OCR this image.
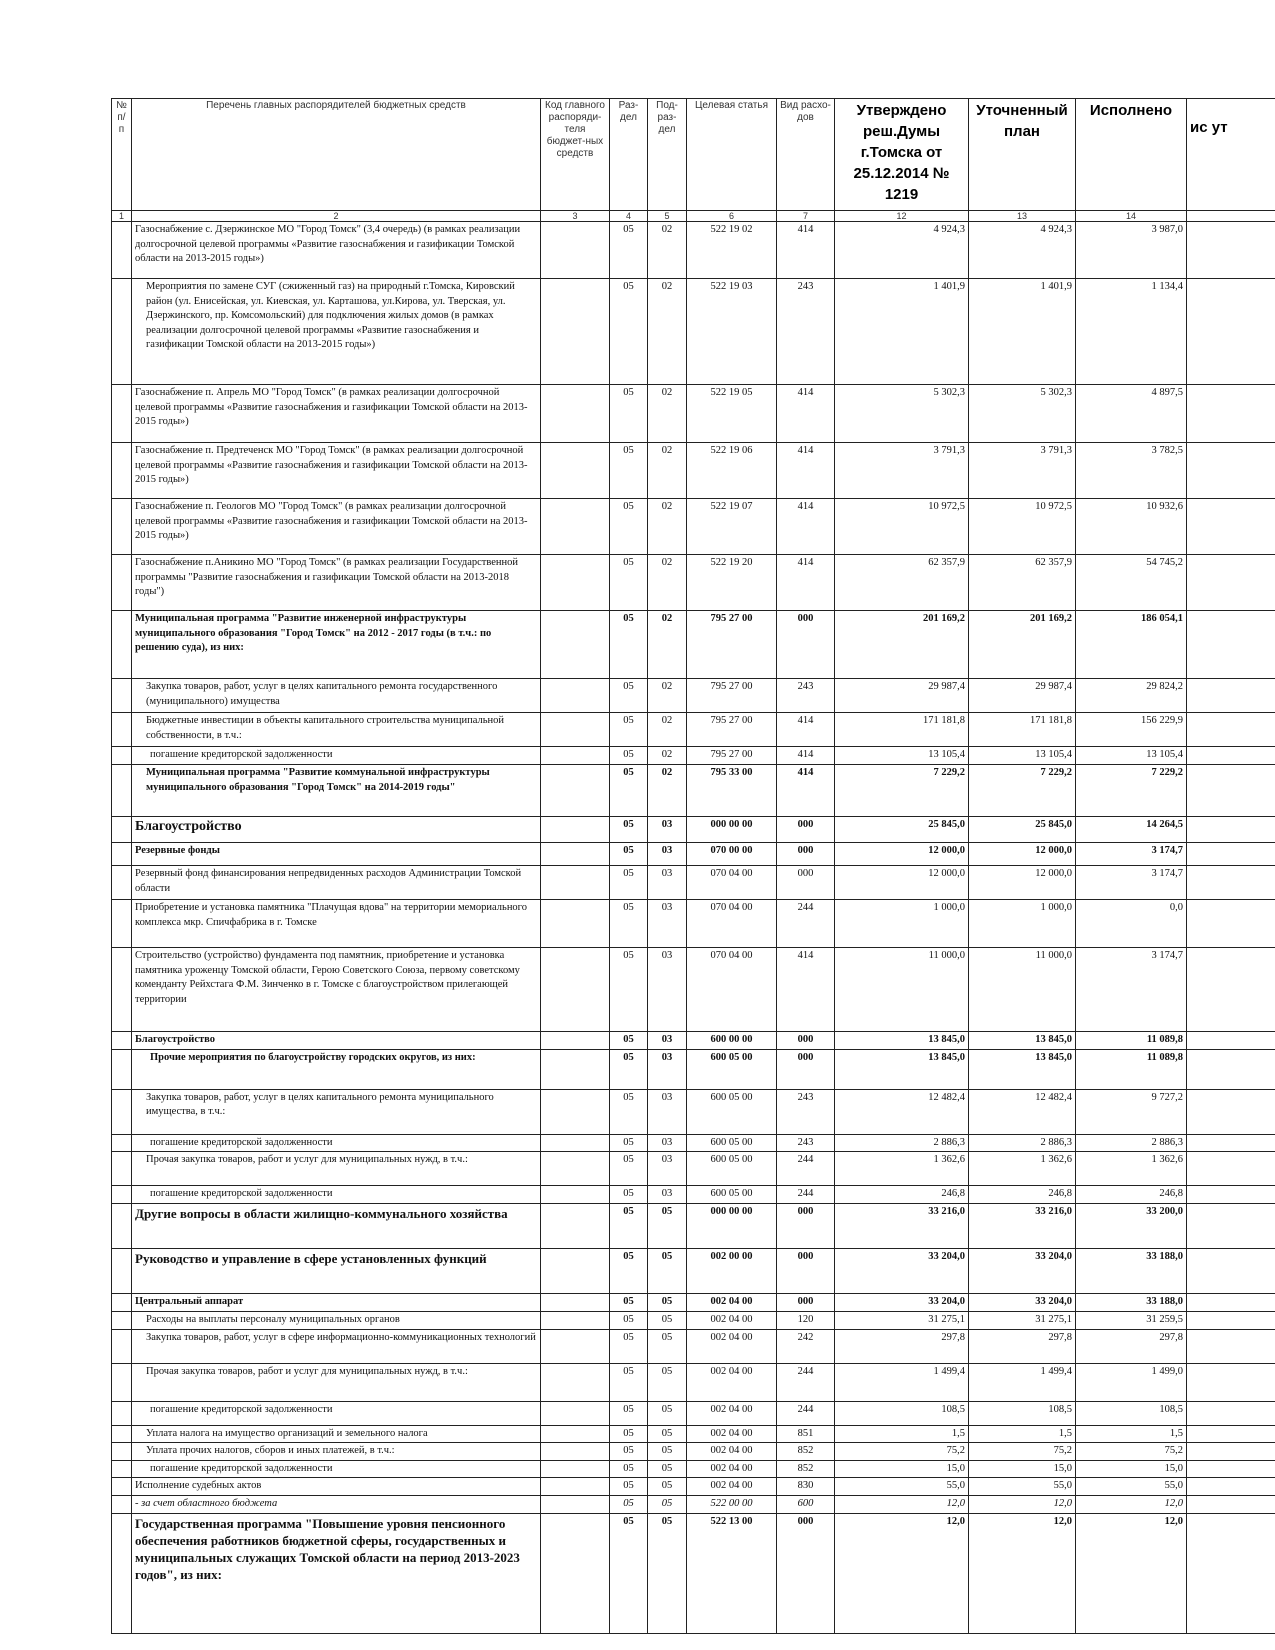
№ п/п	Перечень главных распорядителей бюджетных средств	Код главного распоряди-теля бюджет-ных средств	Раз-дел	Под-раз-дел	Целевая статья	Вид расхо-дов	Утверждено реш.Думы г.Томска от 25.12.2014 № 1219	Уточненный план	Исполнено	ис ут
1	2	3	4	5	6	7	12	13	14	
	Газоснабжение с. Дзержинское МО "Город Томск" (3,4 очередь) (в рамках реализации долгосрочной целевой программы «Развитие газоснабжения и газификации Томской области на 2013-2015 годы»)		05	02	522 19 02	414	4 924,3	4 924,3	3 987,0	
	Мероприятия по замене СУГ (сжиженный газ) на природный г.Томска, Кировский район (ул. Енисейская, ул. Киевская, ул. Карташова, ул.Кирова, ул. Тверская, ул. Дзержинского, пр. Комсомольский) для подключения жилых домов (в рамках реализации долгосрочной целевой программы «Развитие газоснабжения и газификации Томской области на 2013-2015 годы»)		05	02	522 19 03	243	1 401,9	1 401,9	1 134,4	
	Газоснабжение п. Апрель МО "Город Томск" (в рамках реализации долгосрочной целевой программы «Развитие газоснабжения и газификации Томской области на 2013-2015 годы»)		05	02	522 19 05	414	5 302,3	5 302,3	4 897,5	
	Газоснабжение п. Предтеченск МО "Город Томск" (в рамках реализации долгосрочной целевой программы «Развитие газоснабжения и газификации Томской области на 2013-2015 годы»)		05	02	522 19 06	414	3 791,3	3 791,3	3 782,5	
	Газоснабжение п. Геологов МО "Город Томск" (в рамках реализации долгосрочной целевой программы «Развитие газоснабжения и газификации Томской области на 2013-2015 годы»)		05	02	522 19 07	414	10 972,5	10 972,5	10 932,6	
	Газоснабжение п.Аникино МО "Город Томск" (в рамках реализации Государственной программы "Развитие газоснабжения и газификации Томской области на 2013-2018 годы")		05	02	522 19 20	414	62 357,9	62 357,9	54 745,2	
	Муниципальная программа "Развитие инженерной инфраструктуры муниципального образования "Город Томск" на 2012 - 2017 годы (в т.ч.: по решению суда), из них:		05	02	795 27 00	000	201 169,2	201 169,2	186 054,1	
	Закупка товаров, работ, услуг в целях капитального ремонта государственного (муниципального) имущества		05	02	795 27 00	243	29 987,4	29 987,4	29 824,2	
	Бюджетные инвестиции в объекты капитального строительства муниципальной собственности, в т.ч.:		05	02	795 27 00	414	171 181,8	171 181,8	156 229,9	
	погашение кредиторской задолженности		05	02	795 27 00	414	13 105,4	13 105,4	13 105,4	
	Муниципальная программа "Развитие коммунальной инфраструктуры муниципального образования "Город Томск" на 2014-2019 годы"		05	02	795 33 00	414	7 229,2	7 229,2	7 229,2	
	Благоустройство		05	03	000 00 00	000	25 845,0	25 845,0	14 264,5	
	Резервные фонды		05	03	070 00 00	000	12 000,0	12 000,0	3 174,7	
	Резервный фонд финансирования непредвиденных расходов Администрации Томской области		05	03	070 04 00	000	12 000,0	12 000,0	3 174,7	
	Приобретение и установка памятника "Плачущая вдова" на территории мемориального комплекса мкр. Спичфабрика в г. Томске		05	03	070 04 00	244	1 000,0	1 000,0	0,0	
	Строительство (устройство) фундамента под памятник, приобретение и установка памятника уроженцу Томской области, Герою Советского Союза, первому советскому коменданту Рейхстага Ф.М. Зинченко в г. Томске с благоустройством прилегающей территории		05	03	070 04 00	414	11 000,0	11 000,0	3 174,7	
	Благоустройство		05	03	600 00 00	000	13 845,0	13 845,0	11 089,8	
	Прочие мероприятия по благоустройству городских округов, из них:		05	03	600 05 00	000	13 845,0	13 845,0	11 089,8	
	Закупка товаров, работ, услуг в целях капитального ремонта муниципального имущества, в т.ч.:		05	03	600 05 00	243	12 482,4	12 482,4	9 727,2	
	погашение кредиторской задолженности		05	03	600 05 00	243	2 886,3	2 886,3	2 886,3	
	Прочая закупка товаров, работ и услуг для муниципальных нужд, в т.ч.:		05	03	600 05 00	244	1 362,6	1 362,6	1 362,6	
	погашение кредиторской задолженности		05	03	600 05 00	244	246,8	246,8	246,8	
	Другие вопросы в области жилищно-коммунального хозяйства		05	05	000 00 00	000	33 216,0	33 216,0	33 200,0	
	Руководство и управление в сфере установленных функций		05	05	002 00 00	000	33 204,0	33 204,0	33 188,0	
	Центральный аппарат		05	05	002 04 00	000	33 204,0	33 204,0	33 188,0	
	Расходы на выплаты персоналу муниципальных органов		05	05	002 04 00	120	31 275,1	31 275,1	31 259,5	
	Закупка товаров, работ, услуг в сфере информационно-коммуникационных технологий		05	05	002 04 00	242	297,8	297,8	297,8	
	Прочая закупка товаров, работ и услуг для муниципальных нужд, в т.ч.:		05	05	002 04 00	244	1 499,4	1 499,4	1 499,0	
	погашение кредиторской задолженности		05	05	002 04 00	244	108,5	108,5	108,5	
	Уплата налога на имущество организаций и земельного налога		05	05	002 04 00	851	1,5	1,5	1,5	
	Уплата прочих налогов, сборов и иных платежей, в т.ч.:		05	05	002 04 00	852	75,2	75,2	75,2	
	погашение кредиторской задолженности		05	05	002 04 00	852	15,0	15,0	15,0	
	Исполнение судебных актов		05	05	002 04 00	830	55,0	55,0	55,0	
	- за счет областного бюджета		05	05	522 00 00	600	12,0	12,0	12,0	
	Государственная программа "Повышение уровня пенсионного обеспечения работников бюджетной сферы, государственных и муниципальных служащих Томской области на период 2013-2023 годов", из них:		05	05	522 13 00	000	12,0	12,0	12,0	
